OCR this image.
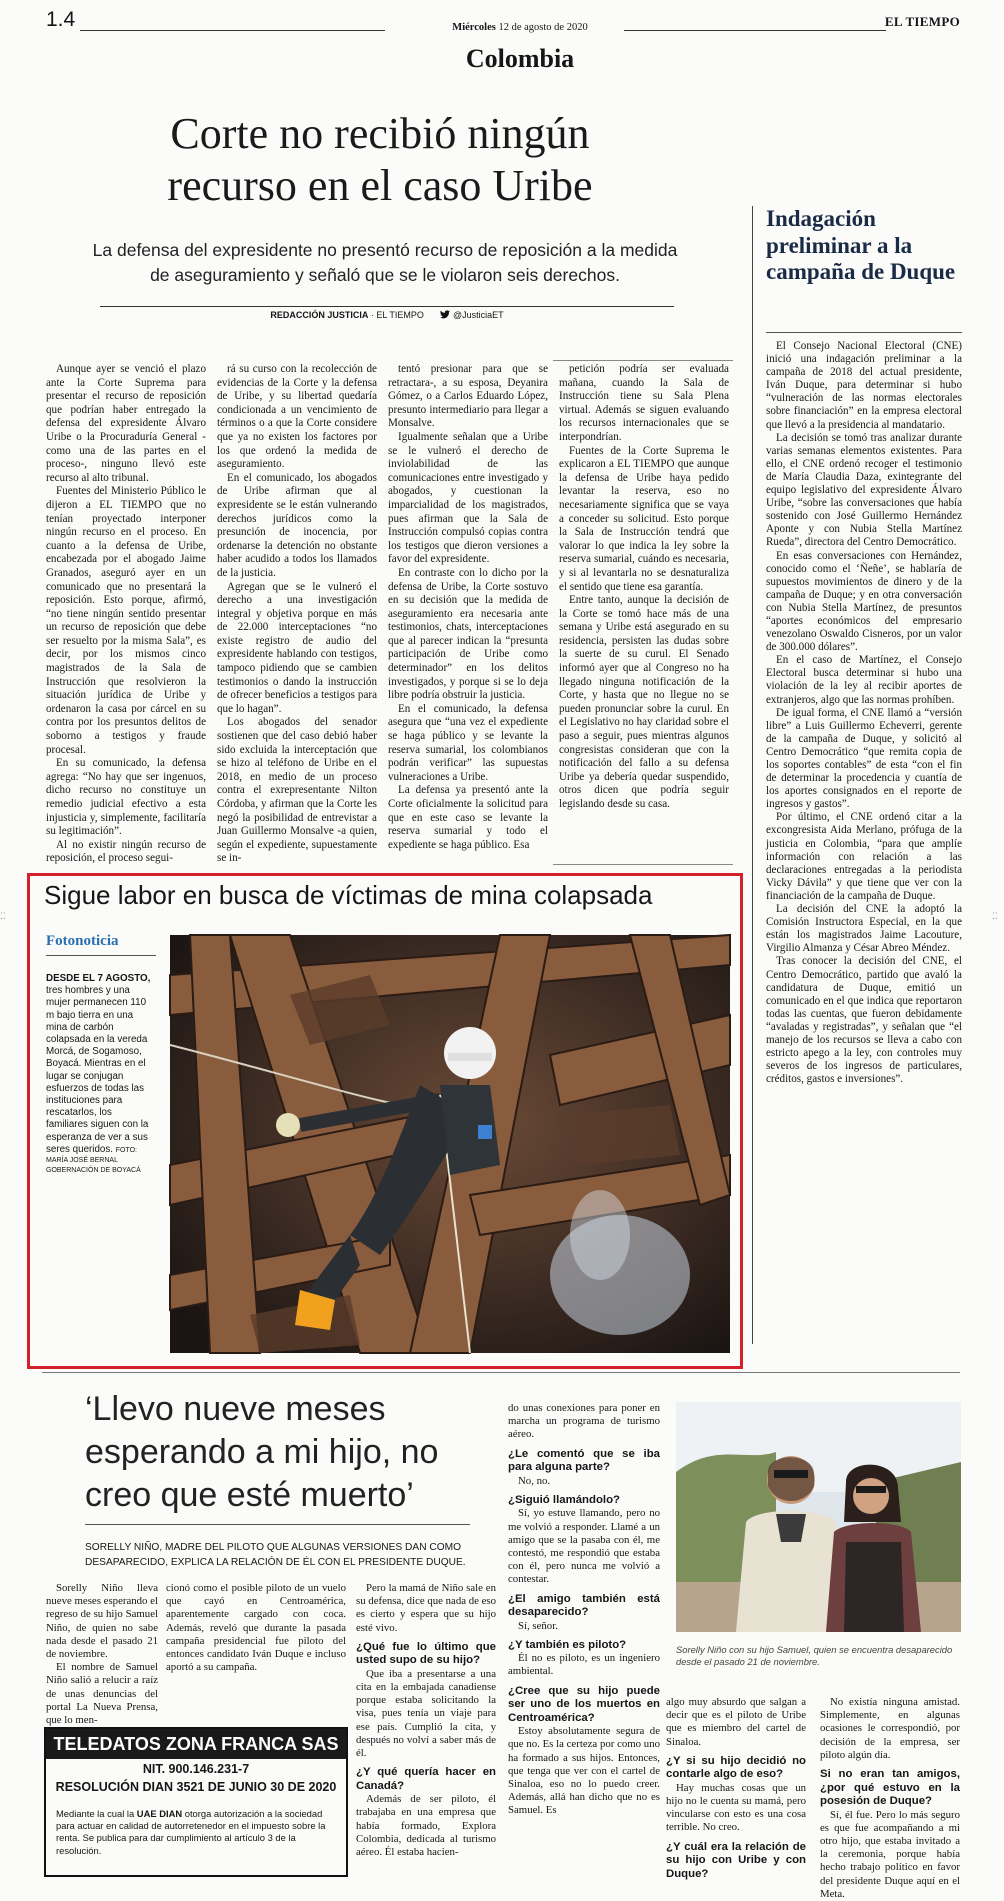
1.4	Miércoles 12 de agosto de 2020	EL TIEMPO
Colombia
Corte no recibió ningún
recurso en el caso Uribe
La defensa del expresidente no presentó recurso de reposición a la medida de aseguramiento y señaló que se le violaron seis derechos.
REDACCIÓN JUSTICIA · EL TIEMPO	@JusticiaET

Aunque ayer se venció el plazo ante la Corte Suprema para presentar el recurso de reposición que podrían haber entregado la defensa del expresidente Álvaro Uribe o la Procuraduría General -como una de las partes en el proceso-, ninguno llevó este recurso al alto tribunal.

Fuentes del Ministerio Público le dijeron a EL TIEMPO que no tenían proyectado interponer ningún recurso en el proceso. En cuanto a la defensa de Uribe, encabezada por el abogado Jaime Granados, aseguró ayer en un comunicado que no presentará la reposición. Esto porque, afirmó, “no tiene ningún sentido presentar un recurso de reposición que debe ser resuelto por la misma Sala”, es decir, por los mismos cinco magistrados de la Sala de Instrucción que resolvieron la situación jurídica de Uribe y ordenaron la casa por cárcel en su contra por los presuntos delitos de soborno a testigos y fraude procesal.

En su comunicado, la defensa agrega: “No hay que ser ingenuos, dicho recurso no constituye un remedio judicial efectivo a esta injusticia y, simplemente, facilitaría su legitimación”.

Al no existir ningún recurso de reposición, el proceso segui-

rá su curso con la recolección de evidencias de la Corte y la defensa de Uribe, y su libertad quedaría condicionada a un vencimiento de términos o a que la Corte considere que ya no existen los factores por los que ordenó la medida de aseguramiento.

En el comunicado, los abogados de Uribe afirman que al expresidente se le están vulnerando derechos jurídicos como la presunción de inocencia, por ordenarse la detención no obstante haber acudido a todos los llamados de la justicia.

Agregan que se le vulneró el derecho a una investigación integral y objetiva porque en más de 22.000 interceptaciones “no existe registro de audio del expresidente hablando con testigos, tampoco pidiendo que se cambien testimonios o dando la instrucción de ofrecer beneficios a testigos para que lo hagan”.

Los abogados del senador sostienen que del caso debió haber sido excluida la interceptación que se hizo al teléfono de Uribe en el 2018, en medio de un proceso contra el exrepresentante Nilton Córdoba, y afirman que la Corte les negó la posibilidad de entrevistar a Juan Guillermo Monsalve -a quien, según el expediente, supuestamente se in-

tentó presionar para que se retractara-, a su esposa, Deyanira Gómez, o a Carlos Eduardo López, presunto intermediario para llegar a Monsalve.

Igualmente señalan que a Uribe se le vulneró el derecho de inviolabilidad de las comunicaciones entre investigado y abogados, y cuestionan la imparcialidad de los magistrados, pues afirman que la Sala de Instrucción compulsó copias contra los testigos que dieron versiones a favor del expresidente.

En contraste con lo dicho por la defensa de Uribe, la Corte sostuvo en su decisión que la medida de aseguramiento era necesaria ante testimonios, chats, interceptaciones que al parecer indican la “presunta participación de Uribe como determinador” en los delitos investigados, y porque si se lo deja libre podría obstruir la justicia.

En el comunicado, la defensa asegura que “una vez el expediente se haga público y se levante la reserva sumarial, los colombianos podrán verificar” las supuestas vulneraciones a Uribe.

La defensa ya presentó ante la Corte oficialmente la solicitud para que en este caso se levante la reserva sumarial y todo el expediente se haga público. Esa

petición podría ser evaluada mañana, cuando la Sala de Instrucción tiene su Sala Plena virtual. Además se siguen evaluando los recursos internacionales que se interpondrían.

Fuentes de la Corte Suprema le explicaron a EL TIEMPO que aunque la defensa de Uribe haya pedido levantar la reserva, eso no necesariamente significa que se vaya a conceder su solicitud. Esto porque la Sala de Instrucción tendrá que valorar lo que indica la ley sobre la reserva sumarial, cuándo es necesaria, y si al levantarla no se desnaturaliza el sentido que tiene esa garantía.

Entre tanto, aunque la decisión de la Corte se tomó hace más de una semana y Uribe está asegurado en su residencia, persisten las dudas sobre la suerte de su curul. El Senado informó ayer que al Congreso no ha llegado ninguna notificación de la Corte, y hasta que no llegue no se pueden pronunciar sobre la curul. En el Legislativo no hay claridad sobre el paso a seguir, pues mientras algunos congresistas consideran que con la notificación del fallo a su defensa Uribe ya debería quedar suspendido, otros dicen que podría seguir legislando desde su casa.

Indagación preliminar a la campaña de Duque

El Consejo Nacional Electoral (CNE) inició una indagación preliminar a la campaña de 2018 del actual presidente, Iván Duque, para determinar si hubo “vulneración de las normas electorales sobre financiación” en la empresa electoral que llevó a la presidencia al mandatario.

La decisión se tomó tras analizar durante varias semanas elementos existentes. Para ello, el CNE ordenó recoger el testimonio de María Claudia Daza, exintegrante del equipo legislativo del expresidente Álvaro Uribe, “sobre las conversaciones que había sostenido con José Guillermo Hernández Aponte y con Nubia Stella Martínez Rueda”, directora del Centro Democrático.

En esas conversaciones con Hernández, conocido como el ‘Ñeñe’, se hablaría de supuestos movimientos de dinero y de la campaña de Duque; y en otra conversación con Nubia Stella Martínez, de presuntos “aportes económicos del empresario venezolano Oswaldo Cisneros, por un valor de 300.000 dólares”.

En el caso de Martínez, el Consejo Electoral busca determinar si hubo una violación de la ley al recibir aportes de extranjeros, algo que las normas prohíben.

De igual forma, el CNE llamó a “versión libre” a Luis Guillermo Echeverri, gerente de la campaña de Duque, y solicitó al Centro Democrático “que remita copia de los soportes contables” de esta “con el fin de determinar la procedencia y cuantía de los aportes consignados en el reporte de ingresos y gastos”.

Por último, el CNE ordenó citar a la excongresista Aida Merlano, prófuga de la justicia en Colombia, “para que amplíe información con relación a las declaraciones entregadas a la periodista Vicky Dávila” y que tiene que ver con la financiación de la campaña de Duque.

La decisión del CNE la adoptó la Comisión Instructora Especial, en la que están los magistrados Jaime Lacouture, Virgilio Almanza y César Abreo Méndez.

Tras conocer la decisión del CNE, el Centro Democrático, partido que avaló la candidatura de Duque, emitió un comunicado en el que indica que reportaron todas las cuentas, que fueron debidamente “avaladas y registradas”, y señalan que “el manejo de los recursos se lleva a cabo con estricto apego a la ley, con controles muy severos de los ingresos de particulares, créditos, gastos e inversiones”.

Sigue labor en busca de víctimas de mina colapsada
Fotonoticia
DESDE EL 7 AGOSTO, tres hombres y una mujer permanecen 110 m bajo tierra en una mina de carbón colapsada en la vereda Morcá, de Sogamoso, Boyacá. Mientras en el lugar se conjugan esfuerzos de todas las instituciones para rescatarlos, los familiares siguen con la esperanza de ver a sus seres queridos. FOTO:
MARÍA JOSÉ BERNAL GOBERNACIÓN DE BOYACÁ
⁚⁚	⁚⁚
‘Llevo nueve meses esperando a mi hijo, no creo que esté muerto’
SORELLY NIÑO, MADRE DEL PILOTO QUE ALGUNAS VERSIONES DAN COMO DESAPARECIDO, EXPLICA LA RELACIÓN DE ÉL CON EL PRESIDENTE DUQUE.

Sorelly Niño lleva nueve meses esperando el regreso de su hijo Samuel Niño, de quien no sabe nada desde el pasado 21 de noviembre.

El nombre de Samuel Niño salió a relucir a raíz de unas denuncias del portal La Nueva Prensa, que lo men-

cionó como el posible piloto de un vuelo que cayó en Centroamérica, aparentemente cargado con coca. Además, reveló que durante la pasada campaña presidencial fue piloto del entonces candidato Iván Duque e incluso aportó a su campaña.

Pero la mamá de Niño sale en su defensa, dice que nada de eso es cierto y espera que su hijo esté vivo.

¿Qué fue lo último que usted supo de su hijo?

Que iba a presentarse a una cita en la embajada canadiense porque estaba solicitando la visa, pues tenía un viaje para ese país. Cumplió la cita, y después no volví a saber más de él.

¿Y qué quería hacer en Canadá?

Además de ser piloto, él trabajaba en una empresa que había formado, Explora Colombia, dedicada al turismo aéreo. Él estaba hacien-

do unas conexiones para poner en marcha un programa de turismo aéreo.

¿Le comentó que se iba para alguna parte?

No, no.

¿Siguió llamándolo?

Sí, yo estuve llamando, pero no me volvió a responder. Llamé a un amigo que se la pasaba con él, me contestó, me respondió que estaba con él, pero nunca me volvió a contestar.

¿El amigo también está desaparecido?

Sí, señor.

¿Y también es piloto?

Él no es piloto, es un ingeniero ambiental.

¿Cree que su hijo puede ser uno de los muertos en Centroamérica?

Estoy absolutamente segura de que no. Es la certeza por como uno ha formado a sus hijos. Entonces, que tenga que ver con el cartel de Sinaloa, eso no lo puedo creer. Además, allá han dicho que no es Samuel. Es

Sorelly Niño con su hijo Samuel, quien se encuentra desaparecido desde el pasado 21 de noviembre.

algo muy absurdo que salgan a decir que es el piloto de Uribe que es miembro del cartel de Sinaloa.

¿Y si su hijo decidió no contarle algo de eso?

Hay muchas cosas que un hijo no le cuenta su mamá, pero vincularse con esto es una cosa terrible. No creo.

¿Y cuál era la relación de su hijo con Uribe y con Duque?

No existía ninguna amistad. Simplemente, en algunas ocasiones le correspondió, por decisión de la empresa, ser piloto algún día.

Si no eran tan amigos, ¿por qué estuvo en la posesión de Duque?

Sí, él fue. Pero lo más seguro es que fue acompañando a mi otro hijo, que estaba invitado a la ceremonia, porque había hecho trabajo político en favor del presidente Duque aquí en el Meta.

TELEDATOS ZONA FRANCA SAS
NIT. 900.146.231-7
RESOLUCIÓN DIAN 3521 DE JUNIO 30 DE 2020
Mediante la cual la UAE DIAN otorga autorización a la sociedad para actuar en calidad de autorretenedor en el impuesto sobre la renta. Se publica para dar cumplimiento al artículo 3 de la resolución.
